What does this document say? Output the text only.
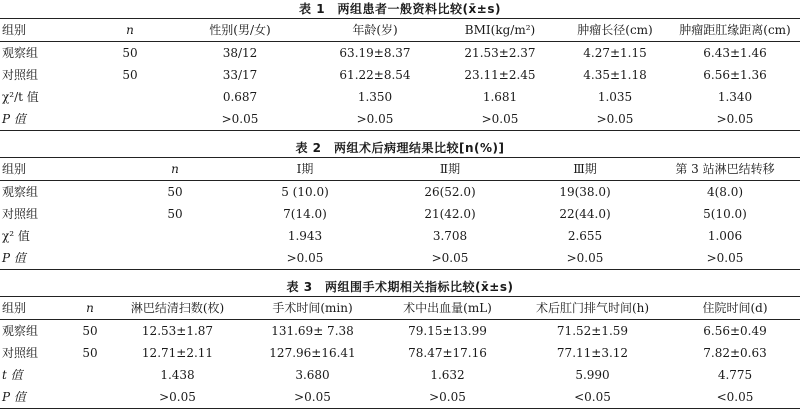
表 1　两组患者一般资料比较(x̄±s)
组别	n	性别(男/女)	年龄(岁)	BMI(kg/m²)	肿瘤长径(cm)	肿瘤距肛缘距离(cm)
观察组	50	38/12	63.19±8.37	21.53±2.37	4.27±1.15	6.43±1.46
对照组	50	33/17	61.22±8.54	23.11±2.45	4.35±1.18	6.56±1.36
χ²/t 值		0.687	1.350	1.681	1.035	1.340
P 值		>0.05	>0.05	>0.05	>0.05	>0.05
表 2　两组术后病理结果比较[n(%)]
组别	n	Ⅰ期	Ⅱ期	Ⅲ期	第 3 站淋巴结转移
观察组	50	5 (10.0)	26(52.0)	19(38.0)	4(8.0)
对照组	50	7(14.0)	21(42.0)	22(44.0)	5(10.0)
χ² 值		1.943	3.708	2.655	1.006
P 值		>0.05	>0.05	>0.05	>0.05
表 3　两组围手术期相关指标比较(x̄±s)
组别	n	淋巴结清扫数(枚)	手术时间(min)	术中出血量(mL)	术后肛门排气时间(h)	住院时间(d)
观察组	50	12.53±1.87	131.69± 7.38	79.15±13.99	71.52±1.59	6.56±0.49
对照组	50	12.71±2.11	127.96±16.41	78.47±17.16	77.11±3.12	7.82±0.63
t 值		1.438	3.680	1.632	5.990	4.775
P 值		>0.05	>0.05	>0.05	<0.05	<0.05
